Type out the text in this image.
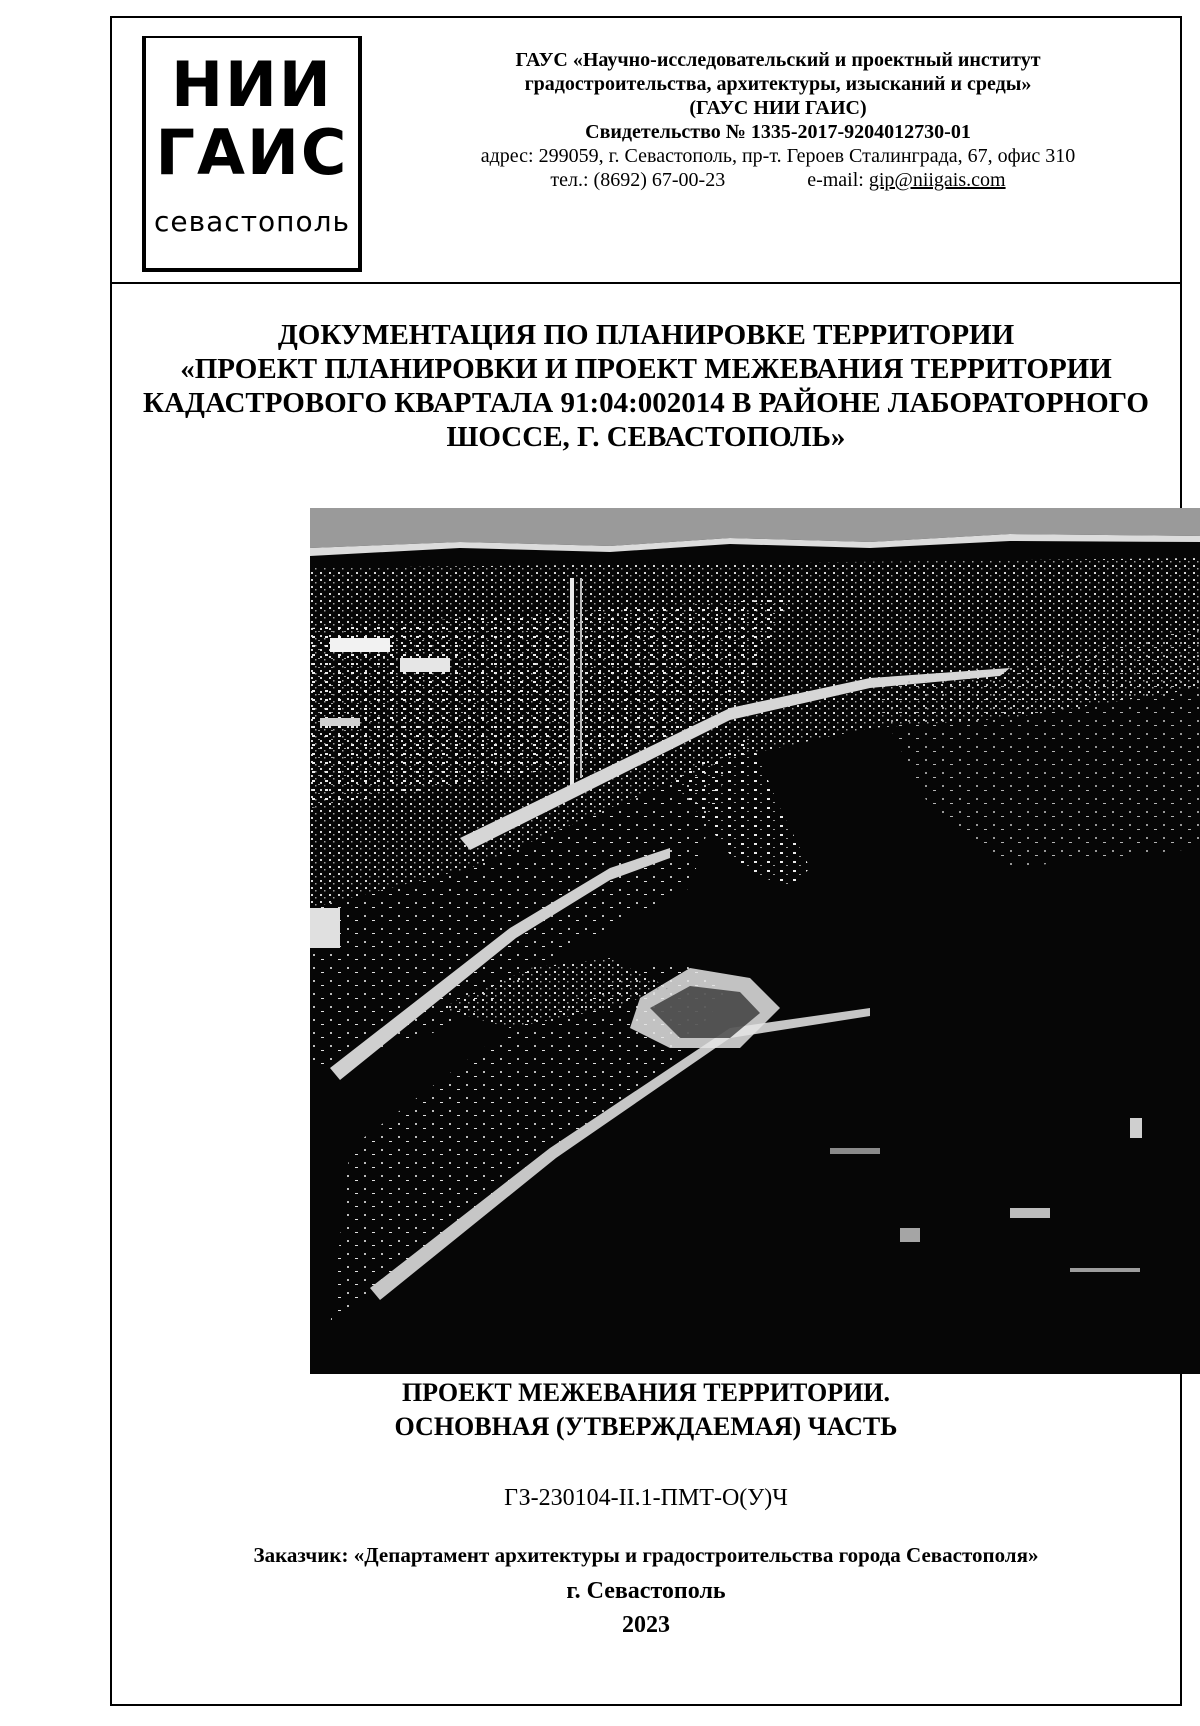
НИИ
ГАИС
севастополь
ГАУС «Научно-исследовательский и проектный институт
градостроительства, архитектуры, изысканий и среды»
(ГАУС НИИ ГАИС)
Свидетельство № 1335-2017-9204012730-01
адрес: 299059, г. Севастополь, пр-т. Героев Сталинграда, 67, офис 310
тел.: (8692) 67-00-23	e-mail: gip@niigais.com
ДОКУМЕНТАЦИЯ ПО ПЛАНИРОВКЕ ТЕРРИТОРИИ
«ПРОЕКТ ПЛАНИРОВКИ И ПРОЕКТ МЕЖЕВАНИЯ ТЕРРИТОРИИ
КАДАСТРОВОГО КВАРТАЛА 91:04:002014 В РАЙОНЕ ЛАБОРАТОРНОГО
ШОССЕ, Г. СЕВАСТОПОЛЬ»
ПРОЕКТ МЕЖЕВАНИЯ ТЕРРИТОРИИ.
ОСНОВНАЯ (УТВЕРЖДАЕМАЯ) ЧАСТЬ
ГЗ-230104-II.1-ПМТ-О(У)Ч
Заказчик: «Департамент архитектуры и градостроительства города Севастополя»
г. Севастополь
2023
